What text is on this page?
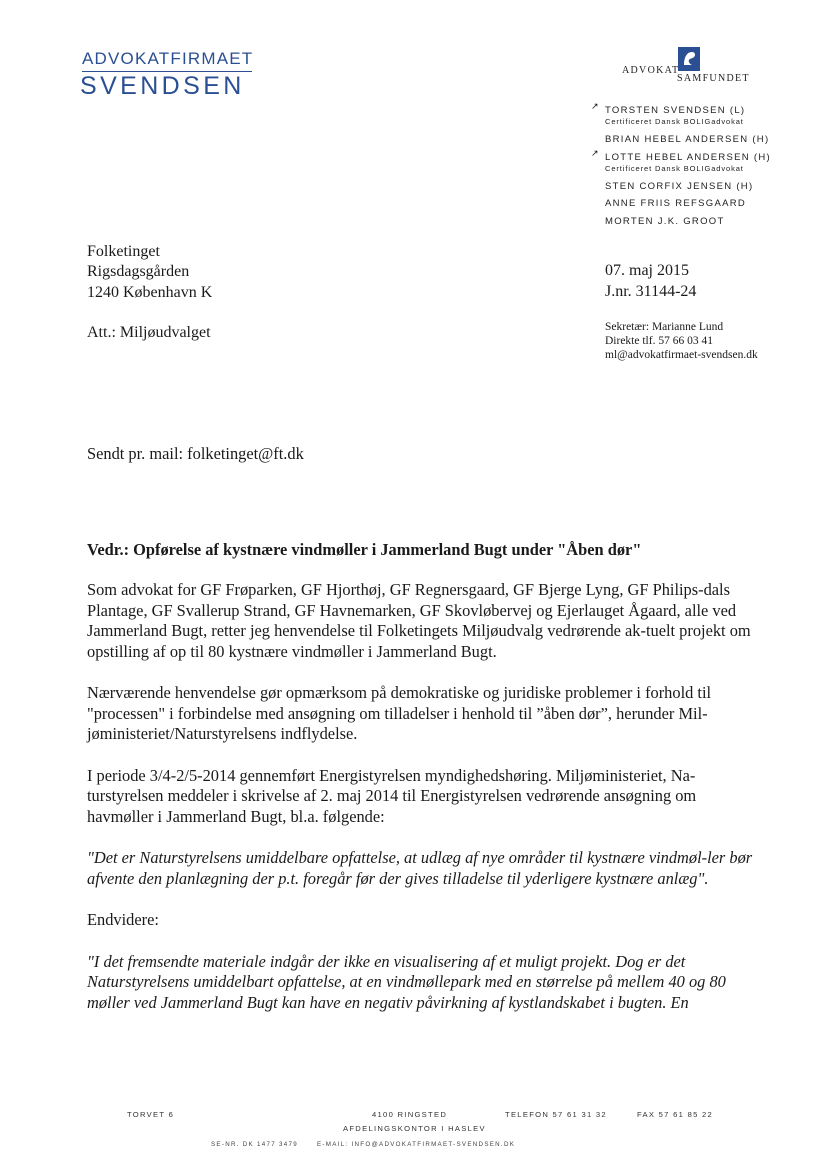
ADVOKATFIRMAET
SVENDSEN
ADVOKAT
SAMFUNDET
↗ TORSTEN SVENDSEN (L)
Certificeret Dansk BOLIGadvokat
BRIAN HEBEL ANDERSEN (H)
↗ LOTTE HEBEL ANDERSEN (H)
Certificeret Dansk BOLIGadvokat
STEN CORFIX JENSEN (H)
ANNE FRIIS REFSGAARD
MORTEN J.K. GROOT
Folketinget
Rigsdagsgården
1240 København K
Att.: Miljøudvalget
07. maj 2015
J.nr. 31144-24
Sekretær: Marianne Lund
Direkte tlf. 57 66 03 41
ml@advokatfirmaet-svendsen.dk
Sendt pr. mail: folketinget@ft.dk
Vedr.: Opførelse af kystnære vindmøller i Jammerland Bugt under "Åben dør"

Som advokat for GF Frøparken, GF Hjorthøj, GF Regnersgaard, GF Bjerge Lyng, GF Philips-dals Plantage, GF Svallerup Strand, GF Havnemarken, GF Skovløbervej og Ejerlauget Ågaard, alle ved Jammerland Bugt, retter jeg henvendelse til Folketingets Miljøudvalg vedrørende ak-tuelt projekt om opstilling af op til 80 kystnære vindmøller i Jammerland Bugt.

Nærværende henvendelse gør opmærksom på demokratiske og juridiske problemer i forhold til "processen" i forbindelse med ansøgning om tilladelser i henhold til ”åben dør”, herunder Mil-jøministeriet/Naturstyrelsens indflydelse.

I periode 3/4-2/5-2014 gennemført Energistyrelsen myndighedshøring. Miljøministeriet, Na-turstyrelsen meddeler i skrivelse af 2. maj 2014 til Energistyrelsen vedrørende ansøgning om havmøller i Jammerland Bugt, bl.a. følgende:

"Det er Naturstyrelsens umiddelbare opfattelse, at udlæg af nye områder til kystnære vindmøl-ler bør afvente den planlægning der p.t. foregår før der gives tilladelse til yderligere kystnære anlæg".

Endvidere:

"I det fremsendte materiale indgår der ikke en visualisering af et muligt projekt. Dog er det Naturstyrelsens umiddelbart opfattelse, at en vindmøllepark med en størrelse på mellem 40 og 80 møller ved Jammerland Bugt kan have en negativ påvirkning af kystlandskabet i bugten. En

TORVET 6	4100 RINGSTED	TELEFON 57 61 31 32	FAX 57 61 85 22
AFDELINGSKONTOR I HASLEV
SE-NR. DK 1477 3479	E-MAIL: INFO@ADVOKATFIRMAET-SVENDSEN.DK
